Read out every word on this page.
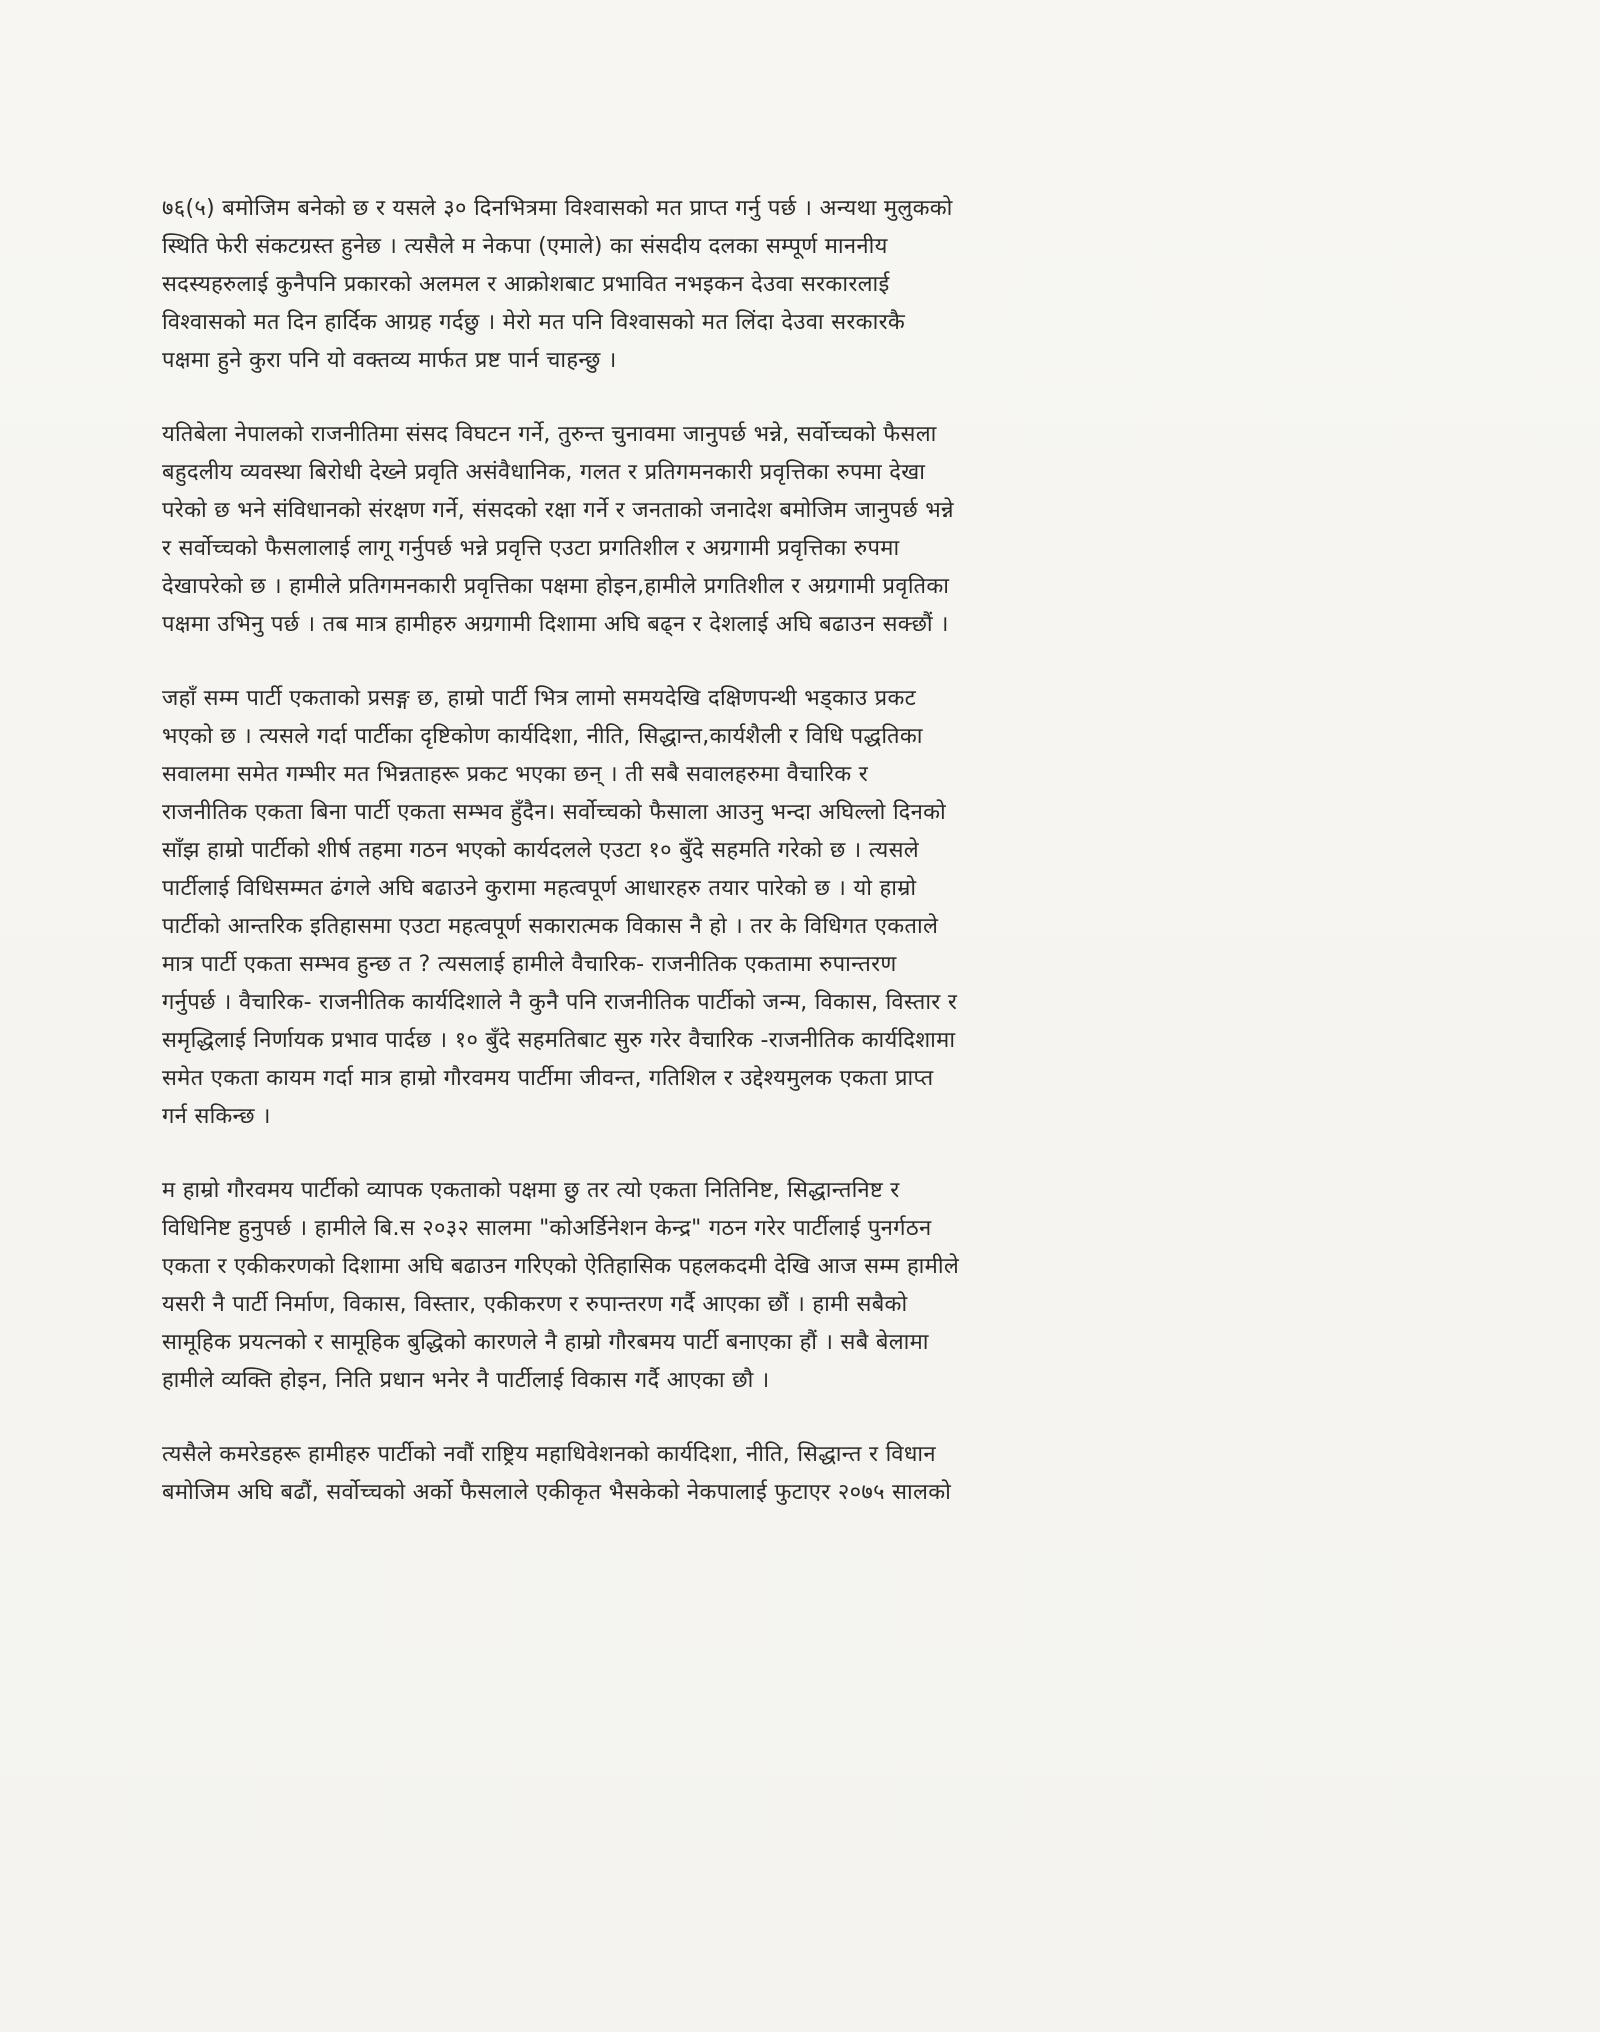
७६(५) बमोजिम बनेको छ र यसले ३० दिनभित्रमा विश्वासको मत प्राप्त गर्नु पर्छ । अन्यथा मुलुकको
स्थिति फेरी संकटग्रस्त हुनेछ । त्यसैले म नेकपा (एमाले) का संसदीय दलका सम्पूर्ण माननीय
सदस्यहरुलाई कुनैपनि प्रकारको अलमल र आक्रोशबाट प्रभावित नभइकन देउवा सरकारलाई
विश्वासको मत दिन हार्दिक आग्रह गर्दछु । मेरो मत पनि विश्वासको मत लिंदा देउवा सरकारकै
पक्षमा हुने कुरा पनि यो वक्तव्य मार्फत प्रष्ट पार्न चाहन्छु ।
यतिबेला नेपालको राजनीतिमा संसद विघटन गर्ने, तुरुन्त चुनावमा जानुपर्छ भन्ने, सर्वोच्चको फैसला
बहुदलीय व्यवस्था बिरोधी देख्ने प्रवृति असंवैधानिक, गलत र प्रतिगमनकारी प्रवृत्तिका रुपमा देखा
परेको छ भने संविधानको संरक्षण गर्ने, संसदको रक्षा गर्ने र जनताको जनादेश बमोजिम जानुपर्छ भन्ने
र सर्वोच्चको फैसलालाई लागू गर्नुपर्छ भन्ने प्रवृत्ति एउटा प्रगतिशील र अग्रगामी प्रवृत्तिका रुपमा
देखापरेको छ । हामीले प्रतिगमनकारी प्रवृत्तिका पक्षमा होइन,हामीले प्रगतिशील र अग्रगामी प्रवृतिका
पक्षमा उभिनु पर्छ । तब मात्र हामीहरु अग्रगामी दिशामा अघि बढ्न र देशलाई अघि बढाउन सक्छौं ।
जहाँ सम्म पार्टी एकताको प्रसङ्ग छ, हाम्रो पार्टी भित्र लामो समयदेखि दक्षिणपन्थी भड्काउ प्रकट
भएको छ । त्यसले गर्दा पार्टीका दृष्टिकोण कार्यदिशा, नीति, सिद्धान्त,कार्यशैली र विधि पद्धतिका
सवालमा समेत गम्भीर मत भिन्नताहरू प्रकट भएका छन् । ती सबै सवालहरुमा वैचारिक र
राजनीतिक एकता बिना पार्टी एकता सम्भव हुँदैन। सर्वोच्चको फैसाला आउनु भन्दा अघिल्लो दिनको
साँझ हाम्रो पार्टीको शीर्ष तहमा गठन भएको कार्यदलले एउटा १० बुँदे सहमति गरेको छ । त्यसले
पार्टीलाई विधिसम्मत ढंगले अघि बढाउने कुरामा महत्वपूर्ण आधारहरु तयार पारेको छ । यो हाम्रो
पार्टीको आन्तरिक इतिहासमा एउटा महत्वपूर्ण सकारात्मक विकास नै हो । तर के विधिगत एकताले
मात्र पार्टी एकता सम्भव हुन्छ त ? त्यसलाई हामीले वैचारिक- राजनीतिक एकतामा रुपान्तरण
गर्नुपर्छ । वैचारिक- राजनीतिक कार्यदिशाले नै कुनै पनि राजनीतिक पार्टीको जन्म, विकास, विस्तार र
समृद्धिलाई निर्णायक प्रभाव पार्दछ । १० बुँदे सहमतिबाट सुरु गरेर वैचारिक -राजनीतिक कार्यदिशामा
समेत एकता कायम गर्दा मात्र हाम्रो गौरवमय पार्टीमा जीवन्त, गतिशिल र उद्देश्यमुलक एकता प्राप्त
गर्न सकिन्छ ।
म हाम्रो गौरवमय पार्टीको व्यापक एकताको पक्षमा छु तर त्यो एकता नितिनिष्ट, सिद्धान्तनिष्ट र
विधिनिष्ट हुनुपर्छ । हामीले बि.स २०३२ सालमा "कोअर्डिनेशन केन्द्र" गठन गरेर पार्टीलाई पुनर्गठन
एकता र एकीकरणको दिशामा अघि बढाउन गरिएको ऐतिहासिक पहलकदमी देखि आज सम्म हामीले
यसरी नै पार्टी निर्माण, विकास, विस्तार, एकीकरण र रुपान्तरण गर्दै आएका छौं । हामी सबैको
सामूहिक प्रयत्नको र सामूहिक बुद्धिको कारणले नै हाम्रो गौरबमय पार्टी बनाएका हौं । सबै बेलामा
हामीले व्यक्ति होइन, निति प्रधान भनेर नै पार्टीलाई विकास गर्दै आएका छौ ।
त्यसैले कमरेडहरू हामीहरु पार्टीको नवौं राष्ट्रिय महाधिवेशनको कार्यदिशा, नीति, सिद्धान्त र विधान
बमोजिम अघि बढौं, सर्वोच्चको अर्को फैसलाले एकीकृत भैसकेको नेकपालाई फुटाएर २०७५ सालको
